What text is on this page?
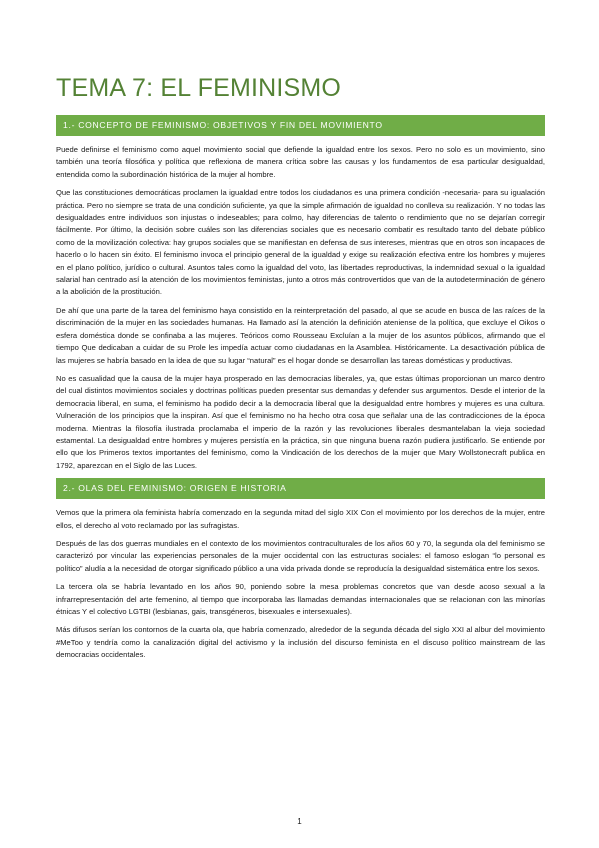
TEMA 7: EL FEMINISMO
1.- CONCEPTO DE FEMINISMO: OBJETIVOS Y FIN DEL MOVIMIENTO

Puede definirse el feminismo como aquel movimiento social que defiende la igualdad entre los sexos. Pero no solo es un movimiento, sino también una teoría filosófica y política que reflexiona de manera crítica sobre las causas y los fundamentos de esa particular desigualdad, entendida como la subordinación histórica de la mujer al hombre.

Que las constituciones democráticas proclamen la igualdad entre todos los ciudadanos es una primera condición -necesaria- para su igualación práctica. Pero no siempre se trata de una condición suficiente, ya que la simple afirmación de igualdad no conlleva su realización. Y no todas las desigualdades entre individuos son injustas o indeseables; para colmo, hay diferencias de talento o rendimiento que no se dejarían corregir fácilmente. Por último, la decisión sobre cuáles son las diferencias sociales que es necesario combatir es resultado tanto del debate público como de la movilización colectiva: hay grupos sociales que se manifiestan en defensa de sus intereses, mientras que en otros son incapaces de hacerlo o lo hacen sin éxito. El feminismo invoca el principio general de la igualdad y exige su realización efectiva entre los hombres y mujeres en el plano político, jurídico o cultural. Asuntos tales como la igualdad del voto, las libertades reproductivas, la indemnidad sexual o la igualdad salarial han centrado así la atención de los movimientos feministas, junto a otros más controvertidos que van de la autodeterminación de género a la abolición de la prostitución.

De ahí que una parte de la tarea del feminismo haya consistido en la reinterpretación del pasado, al que se acude en busca de las raíces de la discriminación de la mujer en las sociedades humanas. Ha llamado así la atención la definición ateniense de la política, que excluye el Oikos o esfera doméstica donde se confinaba a las mujeres. Teóricos como Rousseau Excluían a la mujer de los asuntos públicos, afirmando que el tiempo Que dedicaban a cuidar de su Prole les impedía actuar como ciudadanas en la Asamblea. Históricamente. La desactivación pública de las mujeres se habría basado en la idea de que su lugar “natural” es el hogar donde se desarrollan las tareas domésticas y productivas.

No es casualidad que la causa de la mujer haya prosperado en las democracias liberales, ya, que estas últimas proporcionan un marco dentro del cual distintos movimientos sociales y doctrinas políticas pueden presentar sus demandas y defender sus argumentos. Desde el interior de la democracia liberal, en suma, el feminismo ha podido decir a la democracia liberal que la desigualdad entre hombres y mujeres es una cultura. Vulneración de los principios que la inspiran. Así que el feminismo no ha hecho otra cosa que señalar una de las contradicciones de la época moderna. Mientras la filosofía ilustrada proclamaba el imperio de la razón y las revoluciones liberales desmantelaban la vieja sociedad estamental. La desigualdad entre hombres y mujeres persistía en la práctica, sin que ninguna buena razón pudiera justificarlo. Se entiende por ello que los Primeros textos importantes del feminismo, como la Vindicación de los derechos de la mujer que Mary Wollstonecraft publica en 1792, aparezcan en el Siglo de las Luces.

2.- OLAS DEL FEMINISMO: ORIGEN E HISTORIA

Vemos que la primera ola feminista habría comenzado en la segunda mitad del siglo XIX Con el movimiento por los derechos de la mujer, entre ellos, el derecho al voto reclamado por las sufragistas.

Después de las dos guerras mundiales en el contexto de los movimientos contraculturales de los años 60 y 70, la segunda ola del feminismo se caracterizó por vincular las experiencias personales de la mujer occidental con las estructuras sociales: el famoso eslogan “lo personal es político” aludía a la necesidad de otorgar significado público a una vida privada donde se reproducía la desigualdad sistemática entre los sexos.

La tercera ola se habría levantado en los años 90, poniendo sobre la mesa problemas concretos que van desde acoso sexual a la infrarrepresentación del arte femenino, al tiempo que incorporaba las llamadas demandas internacionales que se relacionan con las minorías étnicas Y el colectivo LGTBI (lesbianas, gais, transgéneros, bisexuales e intersexuales).

Más difusos serían los contornos de la cuarta ola, que habría comenzado, alrededor de la segunda década del siglo XXI al albur del movimiento #MeToo y tendría como la canalización digital del activismo y la inclusión del discurso feminista en el discuso político mainstream de las democracias occidentales.

1
